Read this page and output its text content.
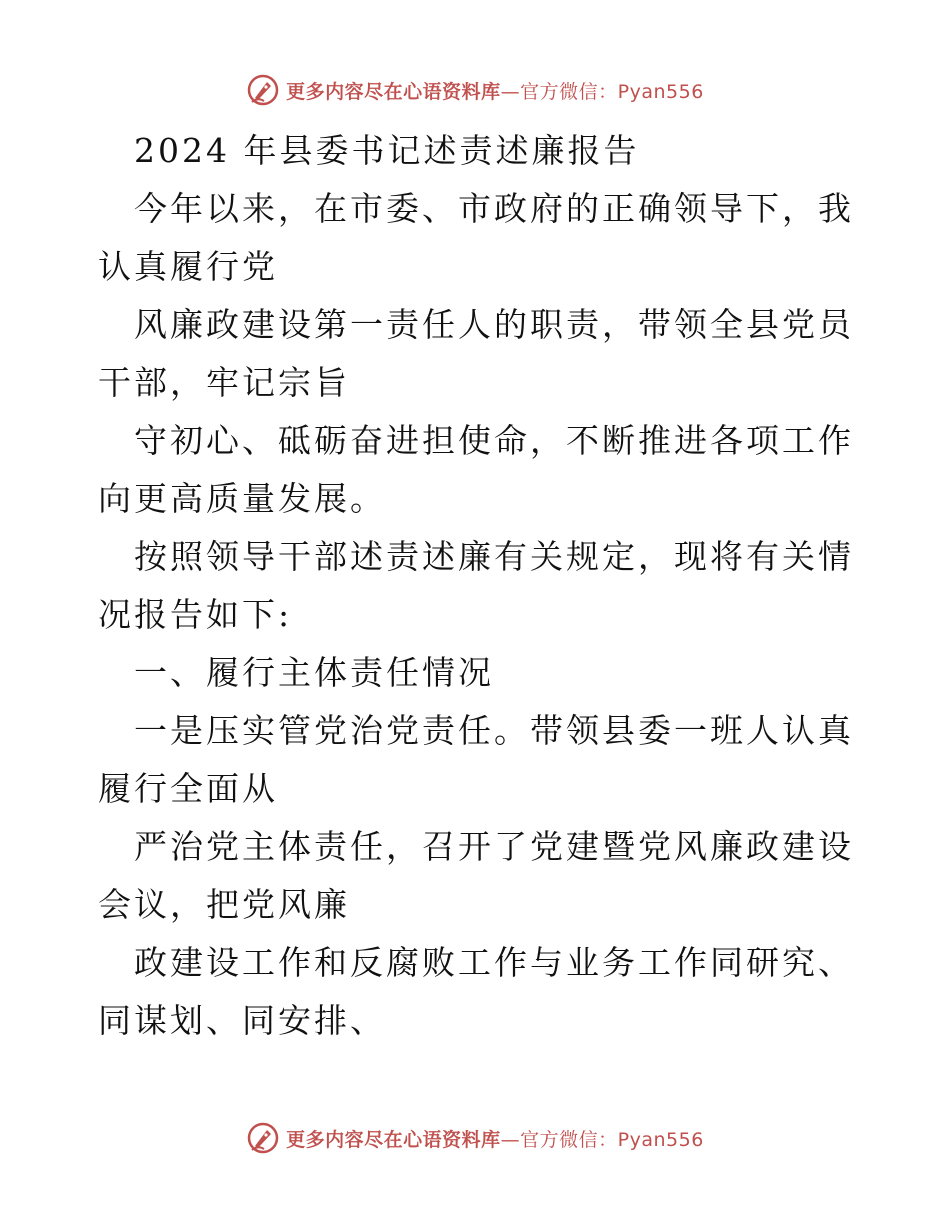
更多内容尽在心语资料库 —官方微信：Pyan556

2024 年县委书记述责述廉报告

今年以来，在市委、市政府的正确领导下，我认真履行党

风廉政建设第一责任人的职责，带领全县党员干部，牢记宗旨

守初心、砥砺奋进担使命，不断推进各项工作向更高质量发展。

按照领导干部述责述廉有关规定，现将有关情况报告如下:

一、履行主体责任情况

一是压实管党治党责任。带领县委一班人认真履行全面从

严治党主体责任，召开了党建暨党风廉政建设会议，把党风廉

政建设工作和反腐败工作与业务工作同研究、同谋划、同安排、

更多内容尽在心语资料库 —官方微信：Pyan556
